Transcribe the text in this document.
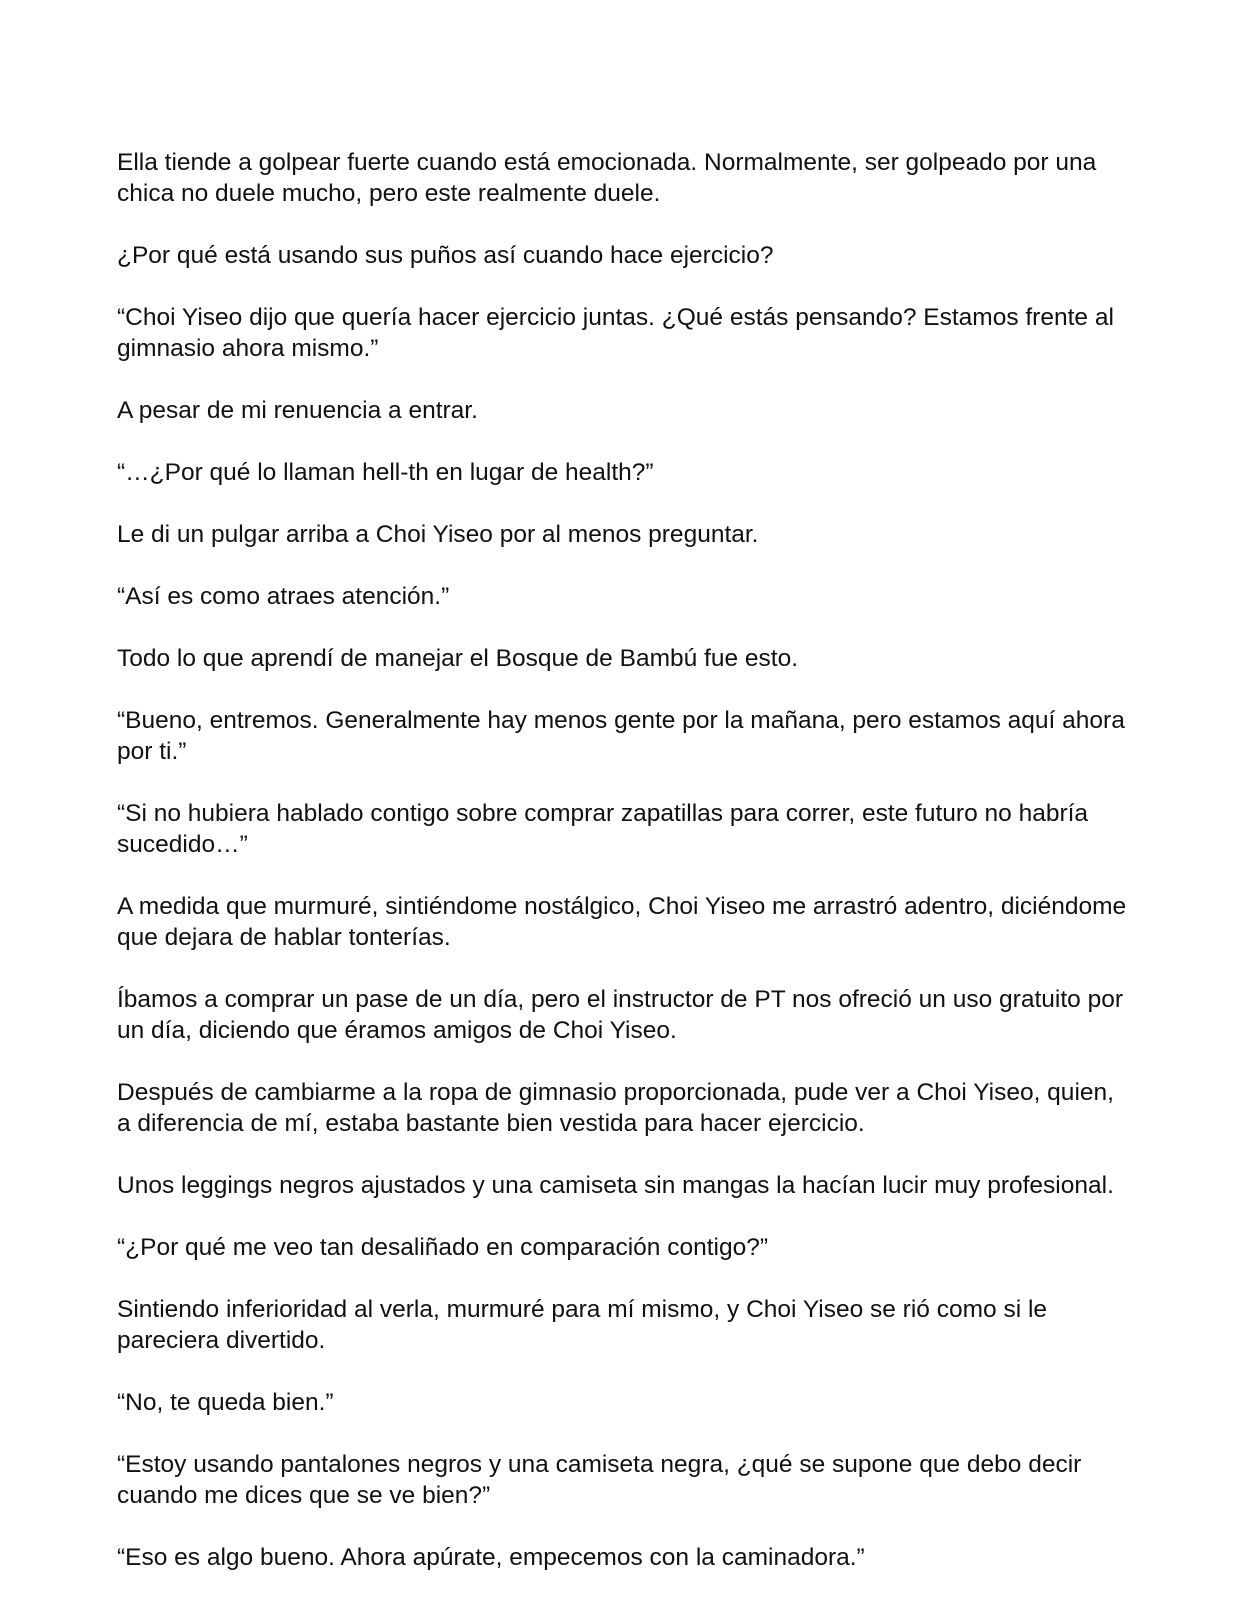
Ella tiende a golpear fuerte cuando está emocionada. Normalmente, ser golpeado por una chica no duele mucho, pero este realmente duele.

¿Por qué está usando sus puños así cuando hace ejercicio?

“Choi Yiseo dijo que quería hacer ejercicio juntas. ¿Qué estás pensando? Estamos frente al gimnasio ahora mismo.”

A pesar de mi renuencia a entrar.

“…¿Por qué lo llaman hell-th en lugar de health?”

Le di un pulgar arriba a Choi Yiseo por al menos preguntar.

“Así es como atraes atención.”

Todo lo que aprendí de manejar el Bosque de Bambú fue esto.

“Bueno, entremos. Generalmente hay menos gente por la mañana, pero estamos aquí ahora por ti.”

“Si no hubiera hablado contigo sobre comprar zapatillas para correr, este futuro no habría sucedido…”

A medida que murmuré, sintiéndome nostálgico, Choi Yiseo me arrastró adentro, diciéndome que dejara de hablar tonterías.

Íbamos a comprar un pase de un día, pero el instructor de PT nos ofreció un uso gratuito por un día, diciendo que éramos amigos de Choi Yiseo.

Después de cambiarme a la ropa de gimnasio proporcionada, pude ver a Choi Yiseo, quien, a diferencia de mí, estaba bastante bien vestida para hacer ejercicio.

Unos leggings negros ajustados y una camiseta sin mangas la hacían lucir muy profesional.

“¿Por qué me veo tan desaliñado en comparación contigo?”

Sintiendo inferioridad al verla, murmuré para mí mismo, y Choi Yiseo se rió como si le pareciera divertido.

“No, te queda bien.”

“Estoy usando pantalones negros y una camiseta negra, ¿qué se supone que debo decir cuando me dices que se ve bien?”

“Eso es algo bueno. Ahora apúrate, empecemos con la caminadora.”
